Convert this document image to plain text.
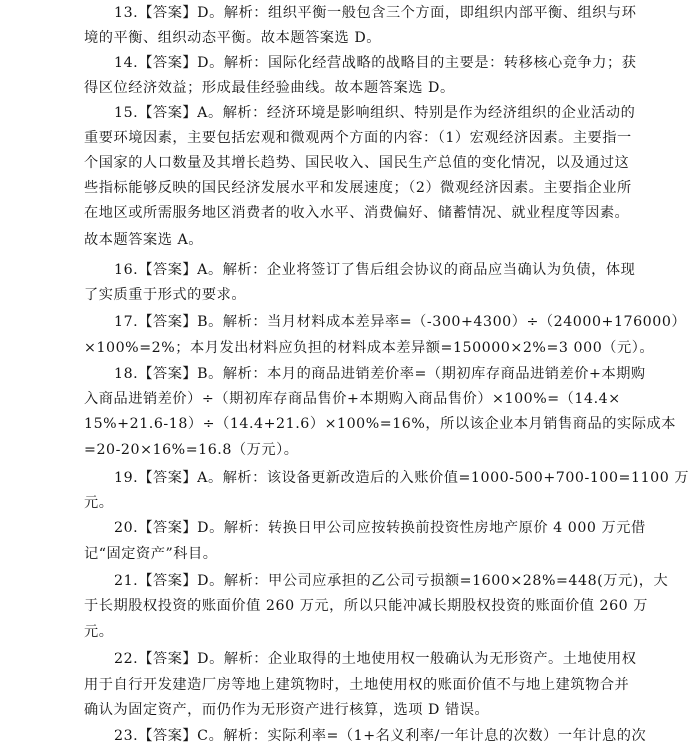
13.【答案】D。解析：组织平衡一般包含三个方面，即组织内部平衡、组织与环
境的平衡、组织动态平衡。故本题答案选 D。
14.【答案】D。解析：国际化经营战略的战略目的主要是：转移核心竞争力；获
得区位经济效益；形成最佳经验曲线。故本题答案选 D。
15.【答案】A。解析：经济环境是影响组织、特别是作为经济组织的企业活动的
重要环境因素，主要包括宏观和微观两个方面的内容：（1）宏观经济因素。主要指一
个国家的人口数量及其增长趋势、国民收入、国民生产总值的变化情况，以及通过这
些指标能够反映的国民经济发展水平和发展速度；（2）微观经济因素。主要指企业所
在地区或所需服务地区消费者的收入水平、消费偏好、储蓄情况、就业程度等因素。
故本题答案选 A。
16.【答案】A。解析：企业将签订了售后组会协议的商品应当确认为负债，体现
了实质重于形式的要求。
17.【答案】B。解析：当月材料成本差异率=（-300+4300）÷（24000+176000）
×100%=2%；本月发出材料应负担的材料成本差异额=150000×2%=3 000（元）。
18.【答案】B。解析：本月的商品进销差价率=（期初库存商品进销差价+本期购
入商品进销差价）÷（期初库存商品售价+本期购入商品售价）×100%=（14.4×
15%+21.6-18）÷（14.4+21.6）×100%=16%，所以该企业本月销售商品的实际成本
=20-20×16%=16.8（万元）。
19.【答案】A。解析：该设备更新改造后的入账价值=1000-500+700-100=1100 万
元。
20.【答案】D。解析：转换日甲公司应按转换前投资性房地产原价 4 000 万元借
记“固定资产”科目。
21.【答案】D。解析：甲公司应承担的乙公司亏损额=1600×28%=448(万元)，大
于长期股权投资的账面价值 260 万元，所以只能冲减长期股权投资的账面价值 260 万
元。
22.【答案】D。解析：企业取得的土地使用权一般确认为无形资产。土地使用权
用于自行开发建造厂房等地上建筑物时，土地使用权的账面价值不与地上建筑物合并
确认为固定资产，而仍作为无形资产进行核算，选项 D 错误。
23.【答案】C。解析：实际利率=（1+名义利率/一年计息的次数）一年计息的次
